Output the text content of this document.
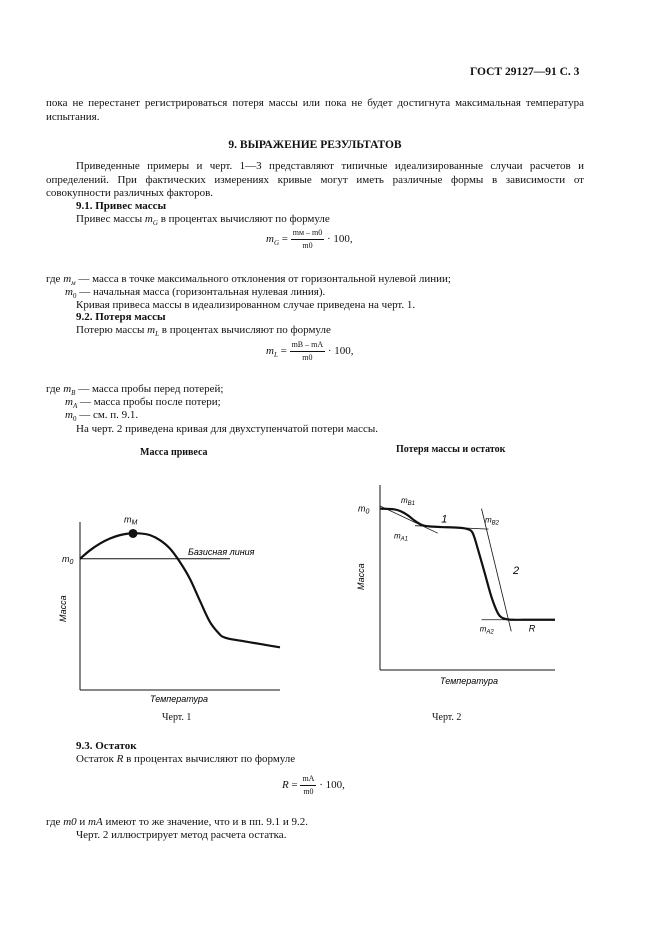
ГОСТ 29127—91 С. 3
пока не перестанет регистрироваться потеря массы или пока не будет достигнута максимальная температура испытания.
9. ВЫРАЖЕНИЕ РЕЗУЛЬТАТОВ
Приведенные примеры и черт. 1—3 представляют типичные идеализированные случаи расчетов и определений. При фактических измерениях кривые могут иметь различные формы в зависимости от совокупности различных факторов.
9.1. Привес массы
Привес массы $m_G$ в процентах вычисляют по формуле
$m_G = \frac{mм - m0}{m0} \cdot 100$,
где $m_м$ — масса в точке максимального отклонения от горизонтальной нулевой линии;
$m_0$ — начальная масса (горизонтальная нулевая линия).
Кривая привеса массы в идеализированном случае приведена на черт. 1.
9.2. Потеря массы
Потерю массы $m_L$ в процентах вычисляют по формуле
$m_L = \frac{mB - mA}{m0} \cdot 100$,
где $m_B$ — масса пробы перед потерей;
$m_A$ — масса пробы после потери;
$m_0$ — см. п. 9.1.
На черт. 2 приведена кривая для двухступенчатой потери массы.
Масса привеса
$m_0$
$m_M$
Базисная линия
Температура
Масса
Черт. 1
Потеря массы и остаток
$m_0$
$m_{B1}$
$m_{A1}$
$m_{B2}$
$m_{A2}$
1
2
R
Температура
Масса
Черт. 2
9.3. Остаток
Остаток R в процентах вычисляют по формуле
$R = \frac{mA}{m0} \cdot 100$,
где m0 и mA имеют то же значение, что и в пп. 9.1 и 9.2.
Черт. 2 иллюстрирует метод расчета остатка.
